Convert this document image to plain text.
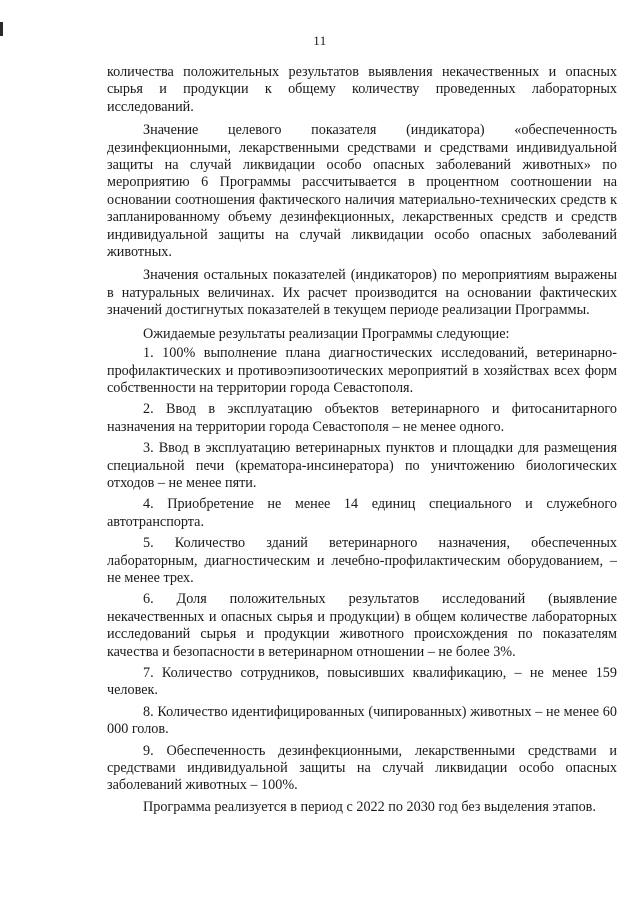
11

количества положительных результатов выявления некачественных и опасных сырья и продукции к общему количеству проведенных лабораторных исследований.

Значение целевого показателя (индикатора) «обеспеченность дезинфекционными, лекарственными средствами и средствами индивидуальной защиты на случай ликвидации особо опасных заболеваний животных» по мероприятию 6 Программы рассчитывается в процентном соотношении на основании соотношения фактического наличия материально-технических средств к запланированному объему дезинфекционных, лекарственных средств и средств индивидуальной защиты на случай ликвидации особо опасных заболеваний животных.

Значения остальных показателей (индикаторов) по мероприятиям выражены в натуральных величинах. Их расчет производится на основании фактических значений достигнутых показателей в текущем периоде реализации Программы.

Ожидаемые результаты реализации Программы следующие:

1. 100% выполнение плана диагностических исследований, ветеринарно-профилактических и противоэпизоотических мероприятий в хозяйствах всех форм собственности на территории города Севастополя.

2. Ввод в эксплуатацию объектов ветеринарного и фитосанитарного назначения на территории города Севастополя – не менее одного.

3. Ввод в эксплуатацию ветеринарных пунктов и площадки для размещения специальной печи (крематора-инсинератора) по уничтожению биологических отходов – не менее пяти.

4. Приобретение не менее 14 единиц специального и служебного автотранспорта.

5. Количество зданий ветеринарного назначения, обеспеченных лабораторным, диагностическим и лечебно-профилактическим оборудованием, – не менее трех.

6. Доля положительных результатов исследований (выявление некачественных и опасных сырья и продукции) в общем количестве лабораторных исследований сырья и продукции животного происхождения по показателям качества и безопасности в ветеринарном отношении – не более 3%.

7. Количество сотрудников, повысивших квалификацию, – не менее 159 человек.

8. Количество идентифицированных (чипированных) животных – не менее 60 000 голов.

9. Обеспеченность дезинфекционными, лекарственными средствами и средствами индивидуальной защиты на случай ликвидации особо опасных заболеваний животных – 100%.

Программа реализуется в период с 2022 по 2030 год без выделения этапов.
